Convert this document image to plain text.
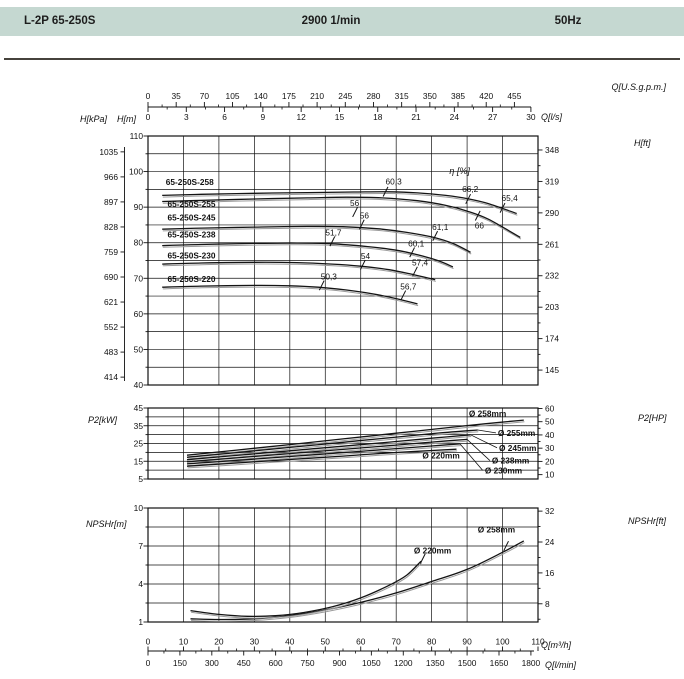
L-2P 65-250S	2900 1/min	50Hz
110
100
90
80
70
60
50
40
1035
966
897
828
759
690
621
552
483
414
H[kPa] H[m]
348
319
290
261
232
203
174
145
H[ft]
65-250S-258
65-250S-255
65-250S-245
65-250S-238
65-250S-230
65-250S-220
60,3
66,2
65,4
66
56
56
51,7
61,1
60,1
54
57,4
50,3
56,7
η [%]
0	35 70 105 140 175 210 245 280 315 350 385 420 455
Q[U.S.g.p.m.]
0	3	6	9	12	15	18	21	24	27	30 Q[l/s]
45
35
25
15
5
P2[kW]
60
50
40
30
20
10
P2[HP]
Ø 258mm
Ø 255mm
Ø 245mm
Ø 238mm
Ø 230mm
Ø 220mm
10
7
4
1
NPSHr[m]
32
24
16
8
NPSHr[ft]
Ø 258mm
Ø 220mm
0	10	20	30	40	50	60	70	80	90	100	110
Q[m³/h]
0	150 300 450 600 750 900 1050 1200 1350 1500 1650 1800 Q[l/min]
